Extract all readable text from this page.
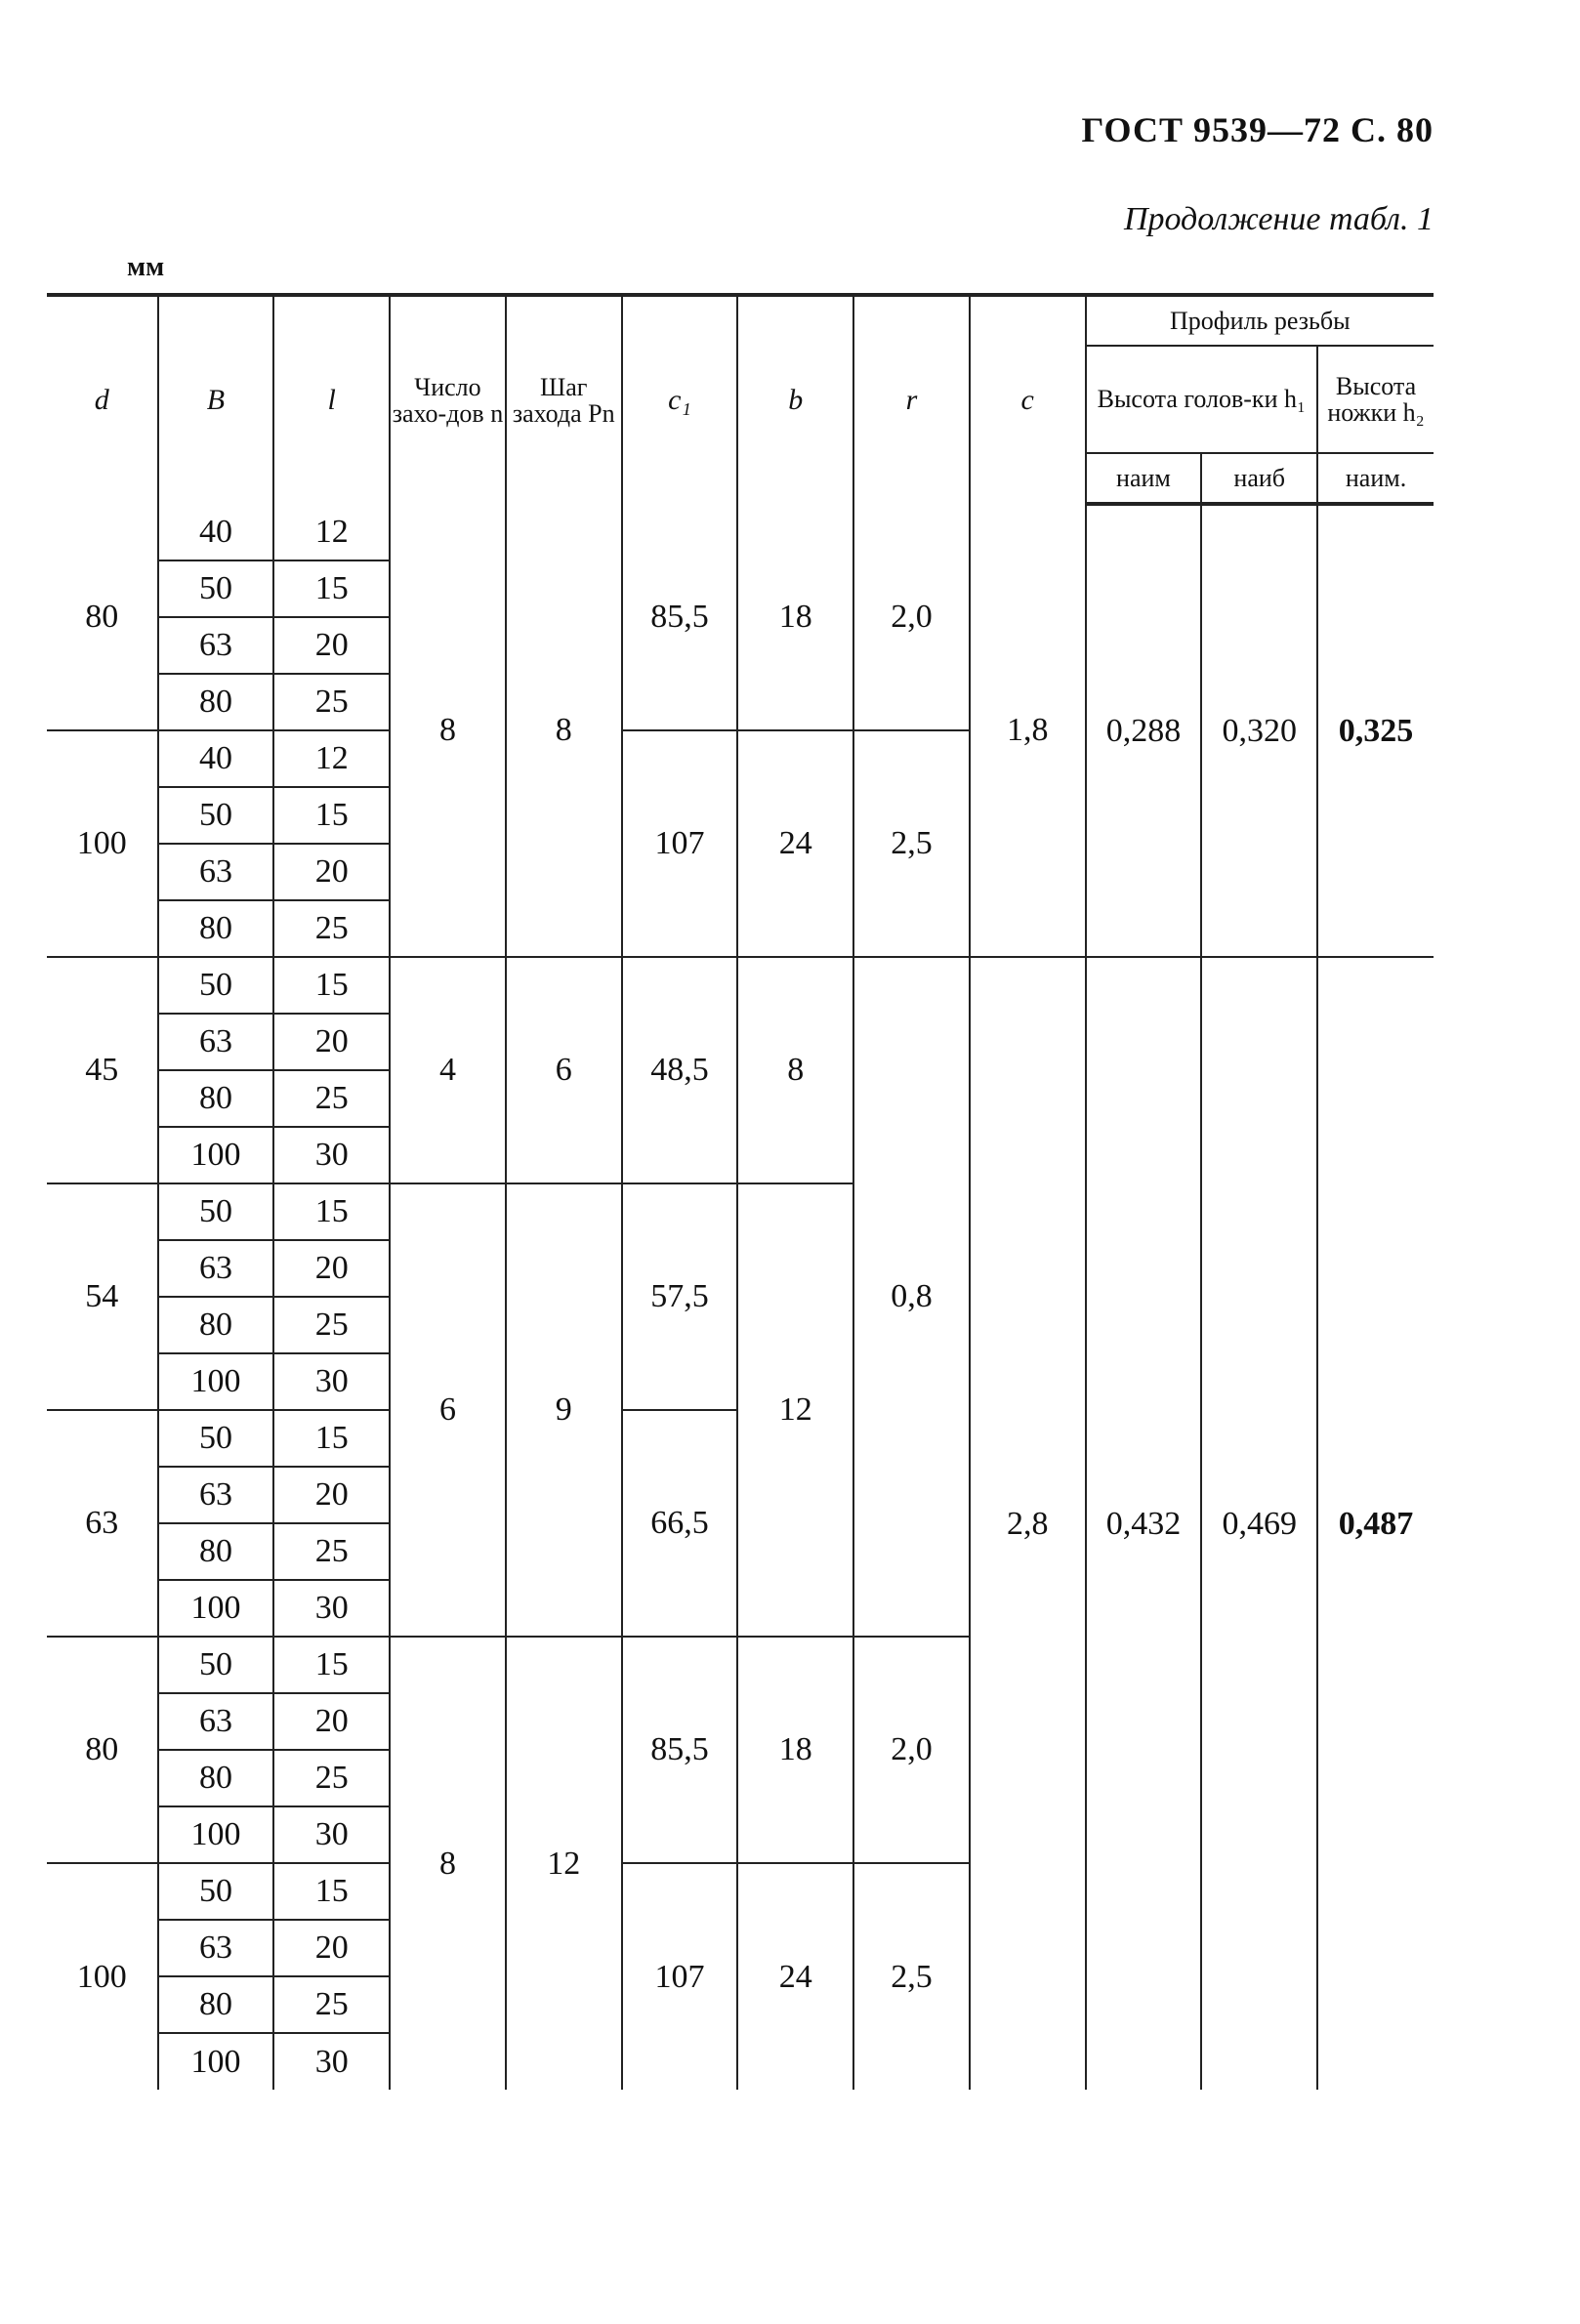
ГОСТ 9539—72 С. 80
Продолжение табл. 1
мм
d	B	l	Число захо-дов n	Шаг захода Pn	c₁	b	r	c	Профиль резьбы		
									Высота голов-ки h₁		Высота ножки h₂
									наим	наиб	наим.
80	40	12	8	8	85,5	18	2,0	1,8	0,288	0,320	0,325
	50	15									
	63	20									
	80	25									
100	40	12			107	24	2,5				
	50	15									
	63	20									
	80	25									
45	50	15	4	6	48,5	8	0,8	2,8	0,432	0,469	0,487
	63	20									
	80	25									
	100	30									
54	50	15	6	9	57,5	12					
	63	20									
	80	25									
	100	30									
63	50	15			66,5						
	63	20									
	80	25									
	100	30									
80	50	15	8	12	85,5	18	2,0				
	63	20									
	80	25									
	100	30									
100	50	15			107	24	2,5				
	63	20									
	80	25									
	100	30									
